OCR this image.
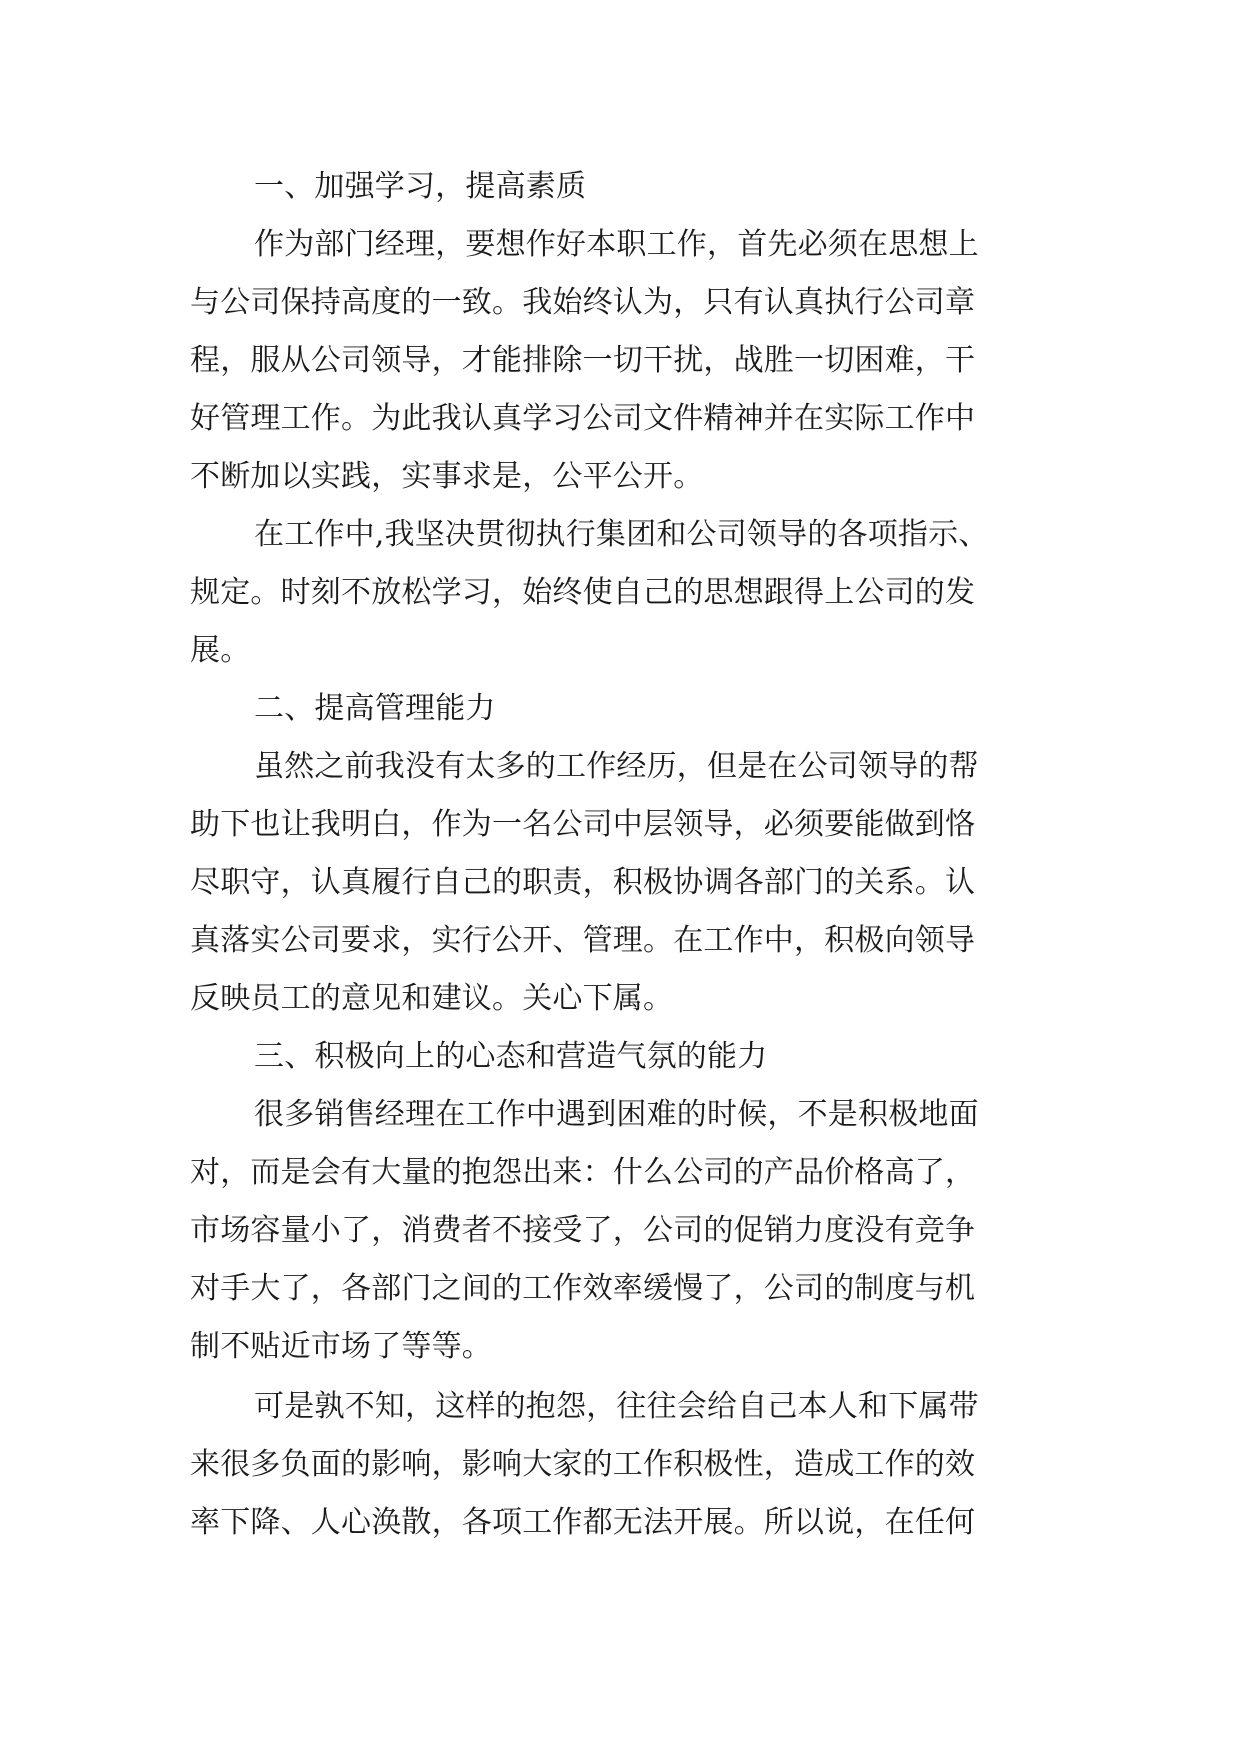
一、加强学习，提高素质
作为部门经理，要想作好本职工作，首先必须在思想上
与公司保持高度的一致。我始终认为，只有认真执行公司章
程，服从公司领导，才能排除一切干扰，战胜一切困难，干
好管理工作。为此我认真学习公司文件精神并在实际工作中
不断加以实践，实事求是，公平公开。
在工作中,我坚决贯彻执行集团和公司领导的各项指示、
规定。时刻不放松学习，始终使自己的思想跟得上公司的发
展。
二、提高管理能力
虽然之前我没有太多的工作经历，但是在公司领导的帮
助下也让我明白，作为一名公司中层领导，必须要能做到恪
尽职守，认真履行自己的职责，积极协调各部门的关系。认
真落实公司要求，实行公开、管理。在工作中，积极向领导
反映员工的意见和建议。关心下属。
三、积极向上的心态和营造气氛的能力
很多销售经理在工作中遇到困难的时候，不是积极地面
对，而是会有大量的抱怨出来：什么公司的产品价格高了，
市场容量小了，消费者不接受了，公司的促销力度没有竞争
对手大了，各部门之间的工作效率缓慢了，公司的制度与机
制不贴近市场了等等。
可是孰不知，这样的抱怨，往往会给自己本人和下属带
来很多负面的影响，影响大家的工作积极性，造成工作的效
率下降、人心涣散，各项工作都无法开展。所以说，在任何
